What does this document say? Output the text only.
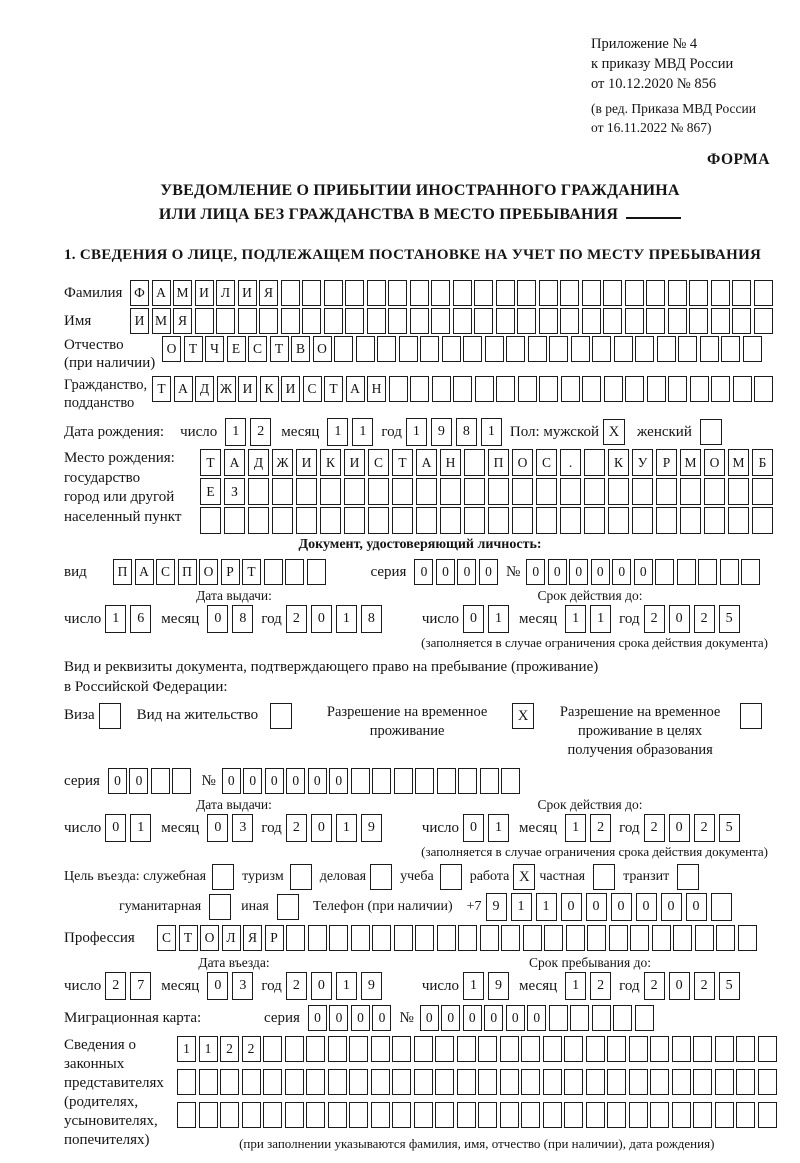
Приложение № 4
к приказу МВД России
от 10.12.2020 № 856
(в ред. Приказа МВД России
от 16.11.2022 № 867)
ФОРМА
УВЕДОМЛЕНИЕ О ПРИБЫТИИ ИНОСТРАННОГО ГРАЖДАНИНА
ИЛИ ЛИЦА БЕЗ ГРАЖДАНСТВА В МЕСТО ПРЕБЫВАНИЯ
1. СВЕДЕНИЯ О ЛИЦЕ, ПОДЛЕЖАЩЕМ ПОСТАНОВКЕ НА УЧЕТ ПО МЕСТУ ПРЕБЫВАНИЯ
Фамилия Ф А М И Л И Я
Имя	И М Я
Отчество
(при наличии)
О Т Ч Е С Т В О
Гражданство,
подданство
Т А Д Ж И К И С Т А Н
Дата рождения: число	1	2	месяц	1	1	год 1	9	8	1	Пол: мужской X	женский
Место рождения:
государство
город или другой
населенный пункт
Т	А	Д Ж И	К	И	С	Т	А	Н	П	О	С	.	К	У	Р	М О М	Б
Е	З
Документ, удостоверяющий личность:
вид	П А С П О Р	Т	серия	0	0	0	0 № 0	0	0	0	0	0
Дата выдачи:	Срок действия до:
число 1	6	месяц	0	8	год 2	0	1	8	число 0	1	месяц	1	1	год 2	0	2	5
(заполняется в случае ограничения срока действия документа)
Вид и реквизиты документа, подтверждающего право на пребывание (проживание)
в Российской Федерации:
Виза	Вид на жительство	Разрешение на временное
проживание
X	Разрешение на временное
проживание в целях
получения образования
серия	0	0	№ 0	0	0	0	0	0
Дата выдачи:	Срок действия до:
число 0	1	месяц	0	3	год 2	0	1	9	число 0	1	месяц	1	2	год 2	0	2	5
(заполняется в случае ограничения срока действия документа)
Цель въезда: служебная	туризм	деловая учеба	работа X частная	транзит
гуманитарная	иная	Телефон (при наличии) +7 9	1	1	0	0	0	0	0	0
Профессия	С Т О Л Я Р
Дата въезда:	Срок пребывания до:
число 2	7	месяц	0	3	год 2	0	1	9	число 1	9	месяц	1	2	год 2	0	2	5
Миграционная карта:	серия	0	0	0	0 № 0	0	0	0	0	0
Сведения о
законных
представителях
(родителях,
усыновителях,
попечителях)
1	1	2	2
(при заполнении указываются фамилия, имя, отчество (при наличии), дата рождения)
